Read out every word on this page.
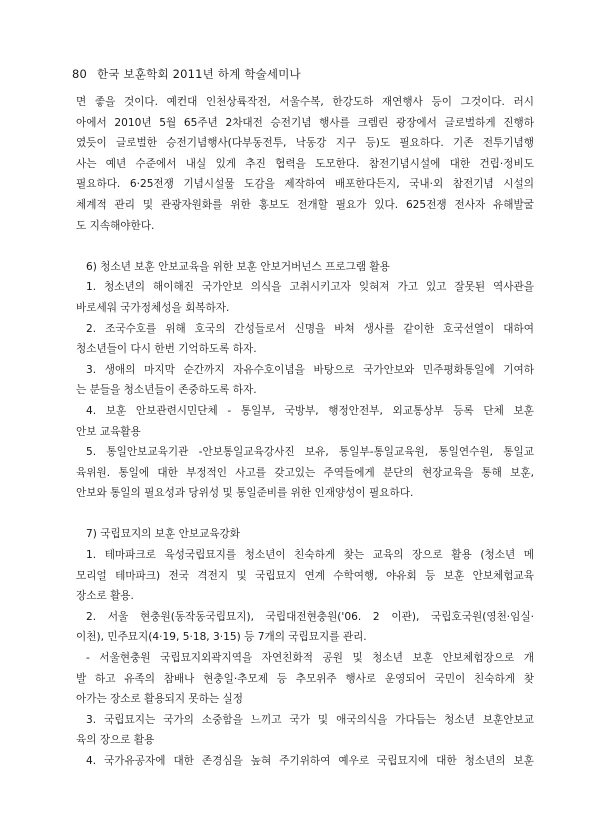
80 한국 보훈학회 2011년 하계 학술세미나
면 좋을 것이다. 예컨대 인천상륙작전, 서울수복, 한강도하 재연행사 등이 그것이다. 러시
아에서 2010년 5월 65주년 2차대전 승전기념 행사를 크렘린 광장에서 글로벌하게 진행하
였듯이 글로벌한 승전기념행사(다부동전투, 낙동강 지구 등)도 필요하다. 기존 전투기념행
사는 예년 수준에서 내실 있게 추진 협력을 도모한다. 참전기념시설에 대한 건립·정비도
필요하다. 6·25전쟁 기념시설물 도감을 제작하여 배포한다든지, 국내·외 참전기념 시설의
체계적 관리 및 관광자원화를 위한 홍보도 전개할 필요가 있다. 625전쟁 전사자 유해발굴
도 지속해야한다.
6) 청소년 보훈 안보교육을 위한 보훈 안보거버넌스 프로그램 활용
1. 청소년의 해이해진 국가안보 의식을 고취시키고자 잊혀져 가고 있고 잘못된 역사관을
바로세워 국가정체성을 회복하자.
2. 조국수호를 위해 호국의 간성들로서 신명을 바쳐 생사를 같이한 호국선열이 대하여
청소년들이 다시 한번 기억하도록 하자.
3. 생애의 마지막 순간까지 자유수호이념을 바탕으로 국가안보와 민주평화통일에 기여하
는 분들을 청소년들이 존중하도록 하자.
4. 보훈 안보관련시민단체 - 통일부, 국방부, 행정안전부, 외교통상부 등록 단체 보훈
안보 교육활용
5. 통일안보교육기관 -안보통일교육강사진 보유, 통일부-통일교육원, 통일연수원, 통일교
육위원. 통일에 대한 부정적인 사고를 갖고있는 주역들에게 분단의 현장교육을 통해 보훈,
안보와 통일의 필요성과 당위성 및 통일준비를 위한 인재양성이 필요하다.
7) 국립묘지의 보훈 안보교육강화
1. 테마파크로 육성국립묘지를 청소년이 친숙하게 찾는 교육의 장으로 활용 (청소년 메
모리얼 테마파크) 전국 격전지 및 국립묘지 연계 수학여행, 야유회 등 보훈 안보체험교육
장소로 활용.
2. 서울 현충원(동작동국립묘지), 국립대전현충원('06. 2 이관), 국립호국원(영천·임실·
이천), 민주묘지(4·19, 5·18, 3·15) 등 7개의 국립묘지를 관리.
- 서울현충원 국립묘지외곽지역을 자연친화적 공원 및 청소년 보훈 안보체험장으로 개
발 하고 유족의 참배나 현충일·추모제 등 추모위주 행사로 운영되어 국민이 친숙하게 찾
아가는 장소로 활용되지 못하는 실정
3. 국립묘지는 국가의 소중함을 느끼고 국가 및 애국의식을 가다듬는 청소년 보훈안보교
육의 장으로 활용
4. 국가유공자에 대한 존경심을 높혀 주기위하여 예우로 국립묘지에 대한 청소년의 보훈
